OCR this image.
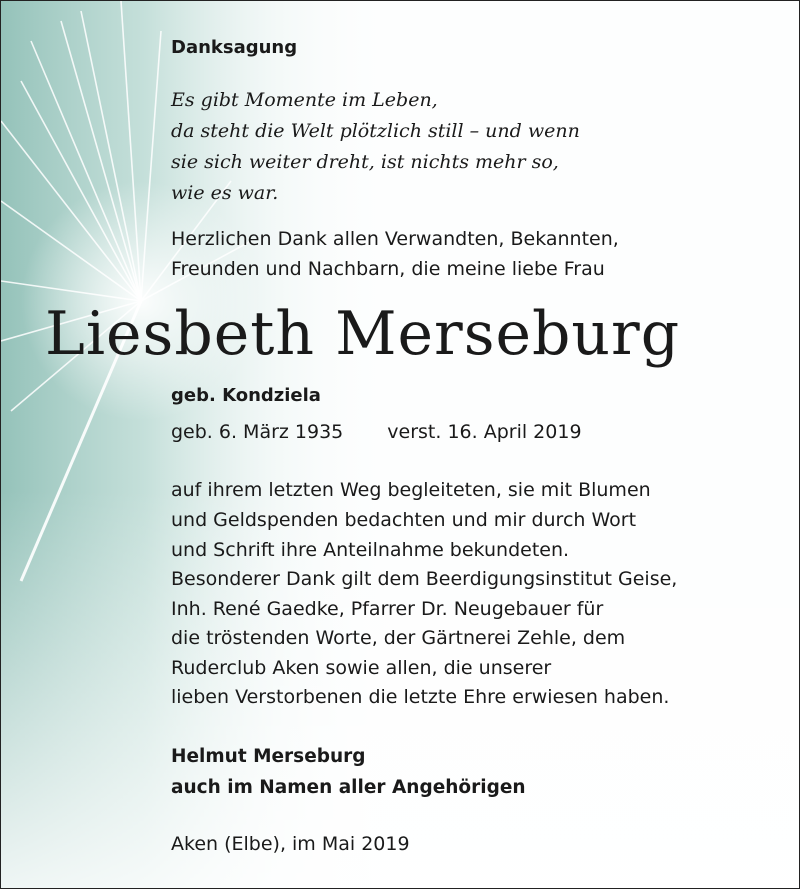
Danksagung
Es gibt Momente im Leben,
da steht die Welt plötzlich still – und wenn
sie sich weiter dreht, ist nichts mehr so,
wie es war.
Herzlichen Dank allen Verwandten, Bekannten,
Freunden und Nachbarn, die meine liebe Frau
Liesbeth Merseburg
geb. Kondziela
geb. 6. März 1935 verst. 16. April 2019
auf ihrem letzten Weg begleiteten, sie mit Blumen
und Geldspenden bedachten und mir durch Wort
und Schrift ihre Anteilnahme bekundeten.
Besonderer Dank gilt dem Beerdigungsinstitut Geise,
Inh. René Gaedke, Pfarrer Dr. Neugebauer für
die tröstenden Worte, der Gärtnerei Zehle, dem
Ruderclub Aken sowie allen, die unserer
lieben Verstorbenen die letzte Ehre erwiesen haben.
Helmut Merseburg
auch im Namen aller Angehörigen
Aken (Elbe), im Mai 2019
